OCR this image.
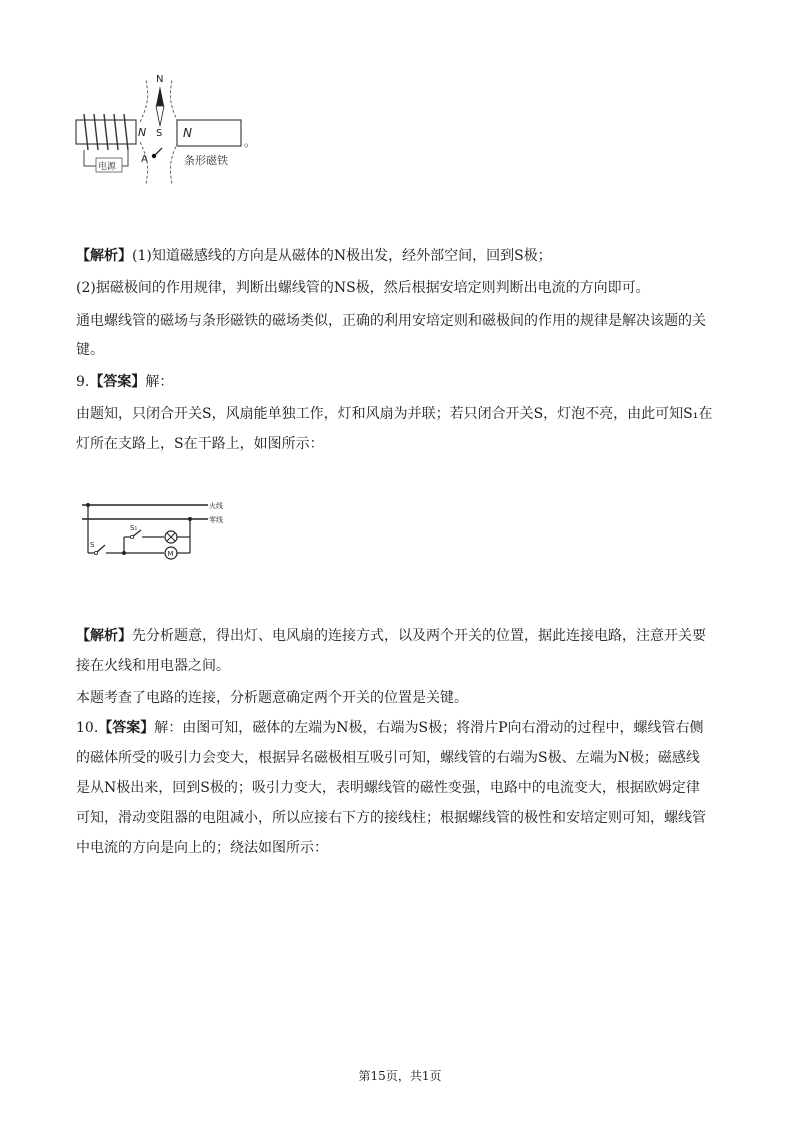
电源
N
N
S
A
N
条形磁铁
。
【解析】(1)知道磁感线的方向是从磁体的N极出发，经外部空间，回到S极；
(2)据磁极间的作用规律，判断出螺线管的NS极，然后根据安培定则判断出电流的方向即可。
通电螺线管的磁场与条形磁铁的磁场类似，正确的利用安培定则和磁极间的作用的规律是解决该题的关
键。
9.【答案】解：
由题知，只闭合开关S，风扇能单独工作，灯和风扇为并联；若只闭合开关S，灯泡不亮，由此可知S₁在
灯所在支路上，S在干路上，如图所示：
火线
零线
S
S₁
M
【解析】先分析题意，得出灯、电风扇的连接方式，以及两个开关的位置，据此连接电路，注意开关要
接在火线和用电器之间。
本题考查了电路的连接，分析题意确定两个开关的位置是关键。
10.【答案】解：由图可知，磁体的左端为N极，右端为S极；将滑片P向右滑动的过程中，螺线管右侧
的磁体所受的吸引力会变大，根据异名磁极相互吸引可知，螺线管的右端为S极、左端为N极；磁感线
是从N极出来，回到S极的；吸引力变大，表明螺线管的磁性变强，电路中的电流变大，根据欧姆定律
可知，滑动变阻器的电阻减小，所以应接右下方的接线柱；根据螺线管的极性和安培定则可知，螺线管
中电流的方向是向上的；绕法如图所示：
第15页，共1页
